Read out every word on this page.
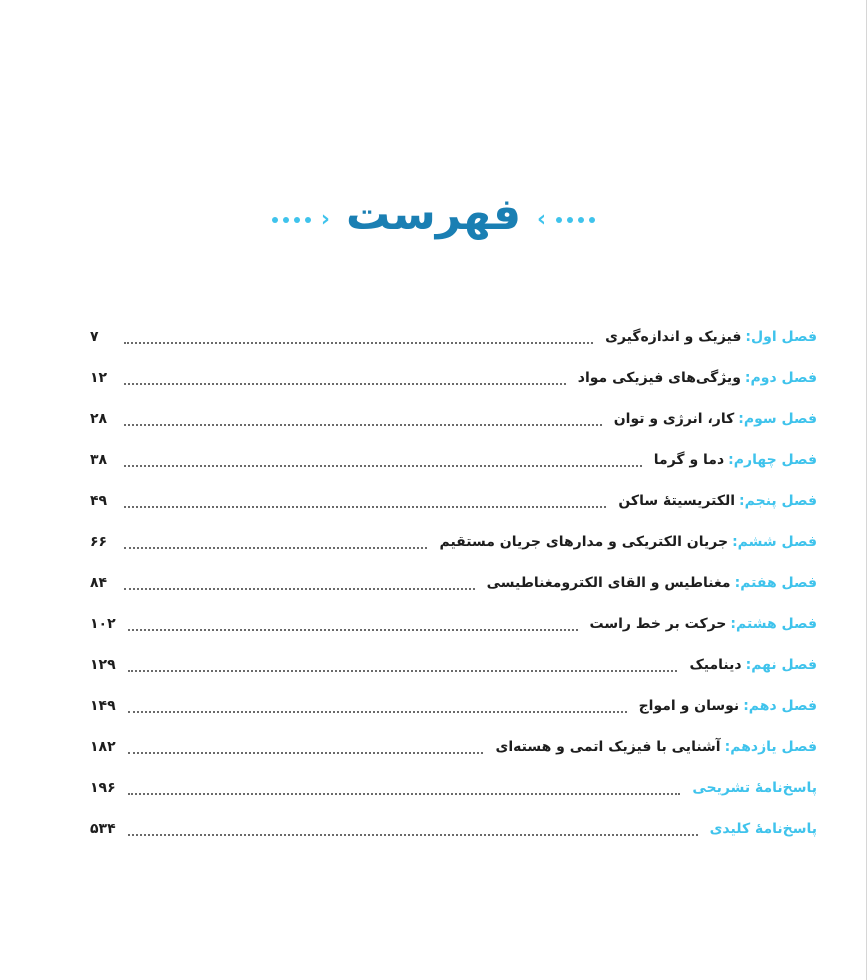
› فهرست ‹
فصل اول
:
فیزیک و اندازه‌گیری
۷
فصل دوم
:
ویژگی‌های فیزیکی مواد
۱۲
فصل سوم
:
کار، انرژی و توان
۲۸
فصل چهارم
:
دما و گرما
۳۸
فصل پنجم
:
الکتریسیتهٔ ساکن
۴۹
فصل ششم
:
جریان الکتریکی و مدارهای جریان مستقیم
۶۶
فصل هفتم
:
مغناطیس و القای الکترومغناطیسی
۸۴
فصل هشتم
:
حرکت بر خط راست
۱۰۲
فصل نهم
:
دینامیک
۱۲۹
فصل دهم
:
نوسان و امواج
۱۴۹
فصل یازدهم
:
آشنایی با فیزیک اتمی و هسته‌ای
۱۸۲
پاسخ‌نامهٔ تشریحی
۱۹۶
پاسخ‌نامهٔ کلیدی
۵۳۴
